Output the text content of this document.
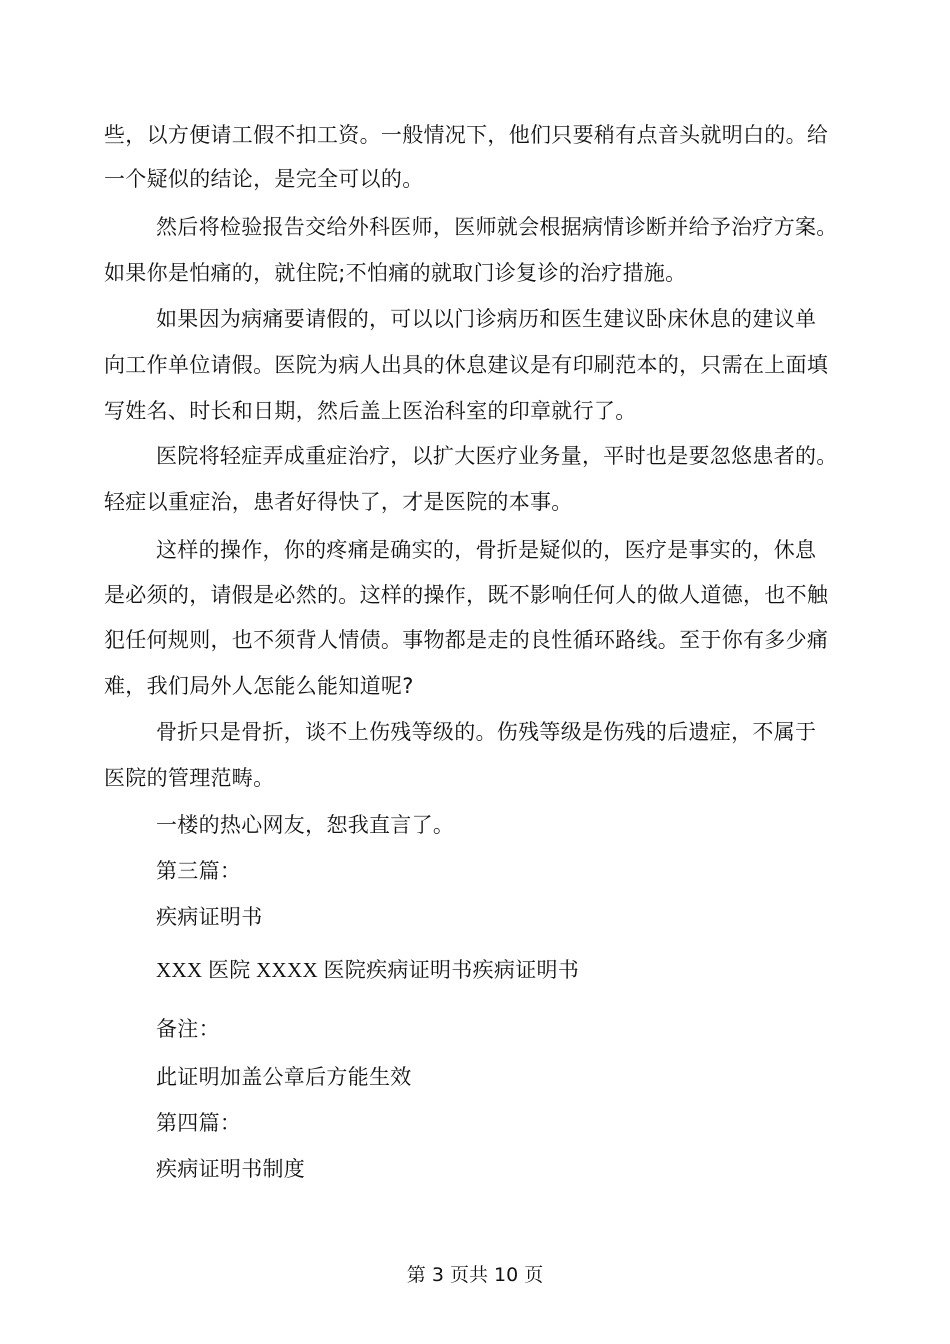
些，以方便请工假不扣工资。一般情况下，他们只要稍有点音头就明白的。给
一个疑似的结论，是完全可以的。
然后将检验报告交给外科医师，医师就会根据病情诊断并给予治疗方案。
如果你是怕痛的，就住院;不怕痛的就取门诊复诊的治疗措施。
如果因为病痛要请假的，可以以门诊病历和医生建议卧床休息的建议单
向工作单位请假。医院为病人出具的休息建议是有印刷范本的，只需在上面填
写姓名、时长和日期，然后盖上医治科室的印章就行了。
医院将轻症弄成重症治疗，以扩大医疗业务量，平时也是要忽悠患者的。
轻症以重症治，患者好得快了，才是医院的本事。
这样的操作，你的疼痛是确实的，骨折是疑似的，医疗是事实的，休息
是必须的，请假是必然的。这样的操作，既不影响任何人的做人道德，也不触
犯任何规则，也不须背人情债。事物都是走的良性循环路线。至于你有多少痛
难，我们局外人怎能么能知道呢?
骨折只是骨折，谈不上伤残等级的。伤残等级是伤残的后遗症，不属于
医院的管理范畴。
一楼的热心网友，恕我直言了。
第三篇：
疾病证明书
XXX 医院 XXXX 医院疾病证明书疾病证明书
备注：
此证明加盖公章后方能生效
第四篇：
疾病证明书制度
第 3 页共 10 页
